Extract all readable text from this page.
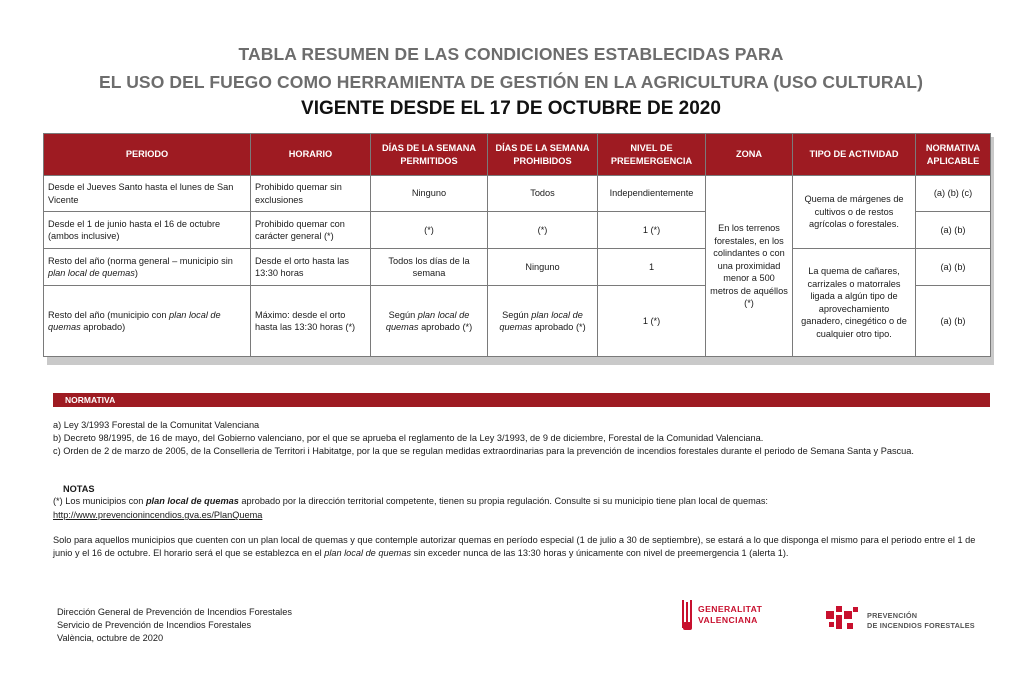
TABLA RESUMEN DE LAS CONDICIONES ESTABLECIDAS PARA
EL USO DEL FUEGO COMO HERRAMIENTA DE GESTIÓN EN LA AGRICULTURA (USO CULTURAL)
VIGENTE DESDE EL 17 DE OCTUBRE DE 2020
PERIODO	HORARIO	DÍAS DE LA SEMANA PERMITIDOS	DÍAS DE LA SEMANA PROHIBIDOS	NIVEL DE PREEMERGENCIA	ZONA	TIPO DE ACTIVIDAD	NORMATIVA APLICABLE
Desde el Jueves Santo hasta el lunes de San Vicente	Prohibido quemar sin exclusiones	Ninguno	Todos	Independientemente	En los terrenos forestales, en los colindantes o con una proximidad menor a 500 metros de aquéllos (*)	Quema de márgenes de cultivos o de restos agrícolas o forestales.	(a) (b) (c)
Desde el 1 de junio hasta el 16 de octubre (ambos inclusive)	Prohibido quemar con carácter general (*)	(*)	(*)	1 (*)			(a) (b)
Resto del año (norma general – municipio sin plan local de quemas)	Desde el orto hasta las 13:30 horas	Todos los días de la semana	Ninguno	1		La quema de cañares, carrizales o matorrales ligada a algún tipo de aprovechamiento ganadero, cinegético o de cualquier otro tipo.	(a) (b)
Resto del año (municipio con plan local de quemas aprobado)	Máximo: desde el orto hasta las 13:30 horas (*)	Según plan local de quemas aprobado (*)	Según plan local de quemas aprobado (*)	1 (*)			(a) (b)
NORMATIVA
a) Ley 3/1993 Forestal de la Comunitat Valenciana
b) Decreto 98/1995, de 16 de mayo, del Gobierno valenciano, por el que se aprueba el reglamento de la Ley 3/1993, de 9 de diciembre, Forestal de la Comunidad Valenciana.
c) Orden de 2 de marzo de 2005, de la Conselleria de Territori i Habitatge, por la que se regulan medidas extraordinarias para la prevención de incendios forestales durante el periodo de Semana Santa y Pascua.
NOTAS
(*) Los municipios con plan local de quemas aprobado por la dirección territorial competente, tienen su propia regulación. Consulte si su municipio tiene plan local de quemas:
http://www.prevencionincendios.gva.es/PlanQuema
Solo para aquellos municipios que cuenten con un plan local de quemas y que contemple autorizar quemas en período especial (1 de julio a 30 de septiembre), se estará a lo que disponga el mismo para el periodo entre el 1 de junio y el 16 de octubre. El horario será el que se establezca en el plan local de quemas sin exceder nunca de las 13:30 horas y únicamente con nivel de preemergencia 1 (alerta 1).
Dirección General de Prevención de Incendios Forestales
Servicio de Prevención de Incendios Forestales
València, octubre de 2020
GENERALITAT
VALENCIANA	PREVENCIÓN
DE INCENDIOS FORESTALES
